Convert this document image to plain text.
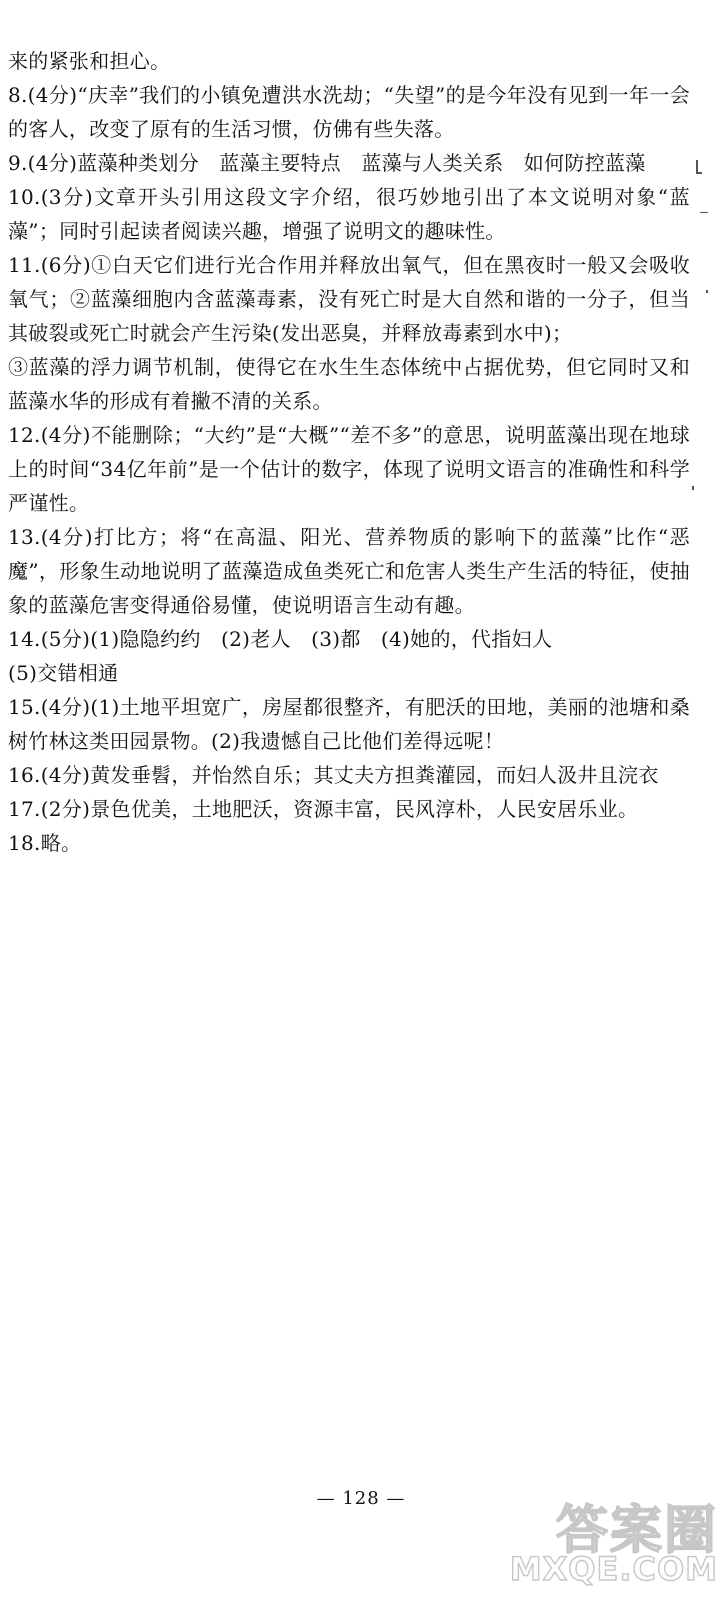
来的紧张和担心。

8.(4分)“庆幸”我们的小镇免遭洪水洗劫；“失望”的是今年没有见到一年一会的客人，改变了原有的生活习惯，仿佛有些失落。

9.(4分)蓝藻种类划分　蓝藻主要特点　蓝藻与人类关系　如何防控蓝藻

10.(3分)文章开头引用这段文字介绍，很巧妙地引出了本文说明对象“蓝藻”；同时引起读者阅读兴趣，增强了说明文的趣味性。

11.(6分)①白天它们进行光合作用并释放出氧气，但在黑夜时一般又会吸收氧气；②蓝藻细胞内含蓝藻毒素，没有死亡时是大自然和谐的一分子，但当其破裂或死亡时就会产生污染(发出恶臭，并释放毒素到水中)；

③蓝藻的浮力调节机制，使得它在水生生态体统中占据优势，但它同时又和蓝藻水华的形成有着撇不清的关系。

12.(4分)不能删除；“大约”是“大概”“差不多”的意思，说明蓝藻出现在地球上的时间“34亿年前”是一个估计的数字，体现了说明文语言的准确性和科学严谨性。

13.(4分)打比方；将“在高温、阳光、营养物质的影响下的蓝藻”比作“恶魔”，形象生动地说明了蓝藻造成鱼类死亡和危害人类生产生活的特征，使抽象的蓝藻危害变得通俗易懂，使说明语言生动有趣。

14.(5分)(1)隐隐约约　(2)老人　(3)都　(4)她的，代指妇人

(5)交错相通

15.(4分)(1)土地平坦宽广，房屋都很整齐，有肥沃的田地，美丽的池塘和桑树竹林这类田园景物。(2)我遗憾自己比他们差得远呢！

16.(4分)黄发垂髫，并怡然自乐；其丈夫方担粪灌园，而妇人汲井且浣衣

17.(2分)景色优美，土地肥沃，资源丰富，民风淳朴，人民安居乐业。

18.略。

— 128 —
答案圈
MXQE.COM
